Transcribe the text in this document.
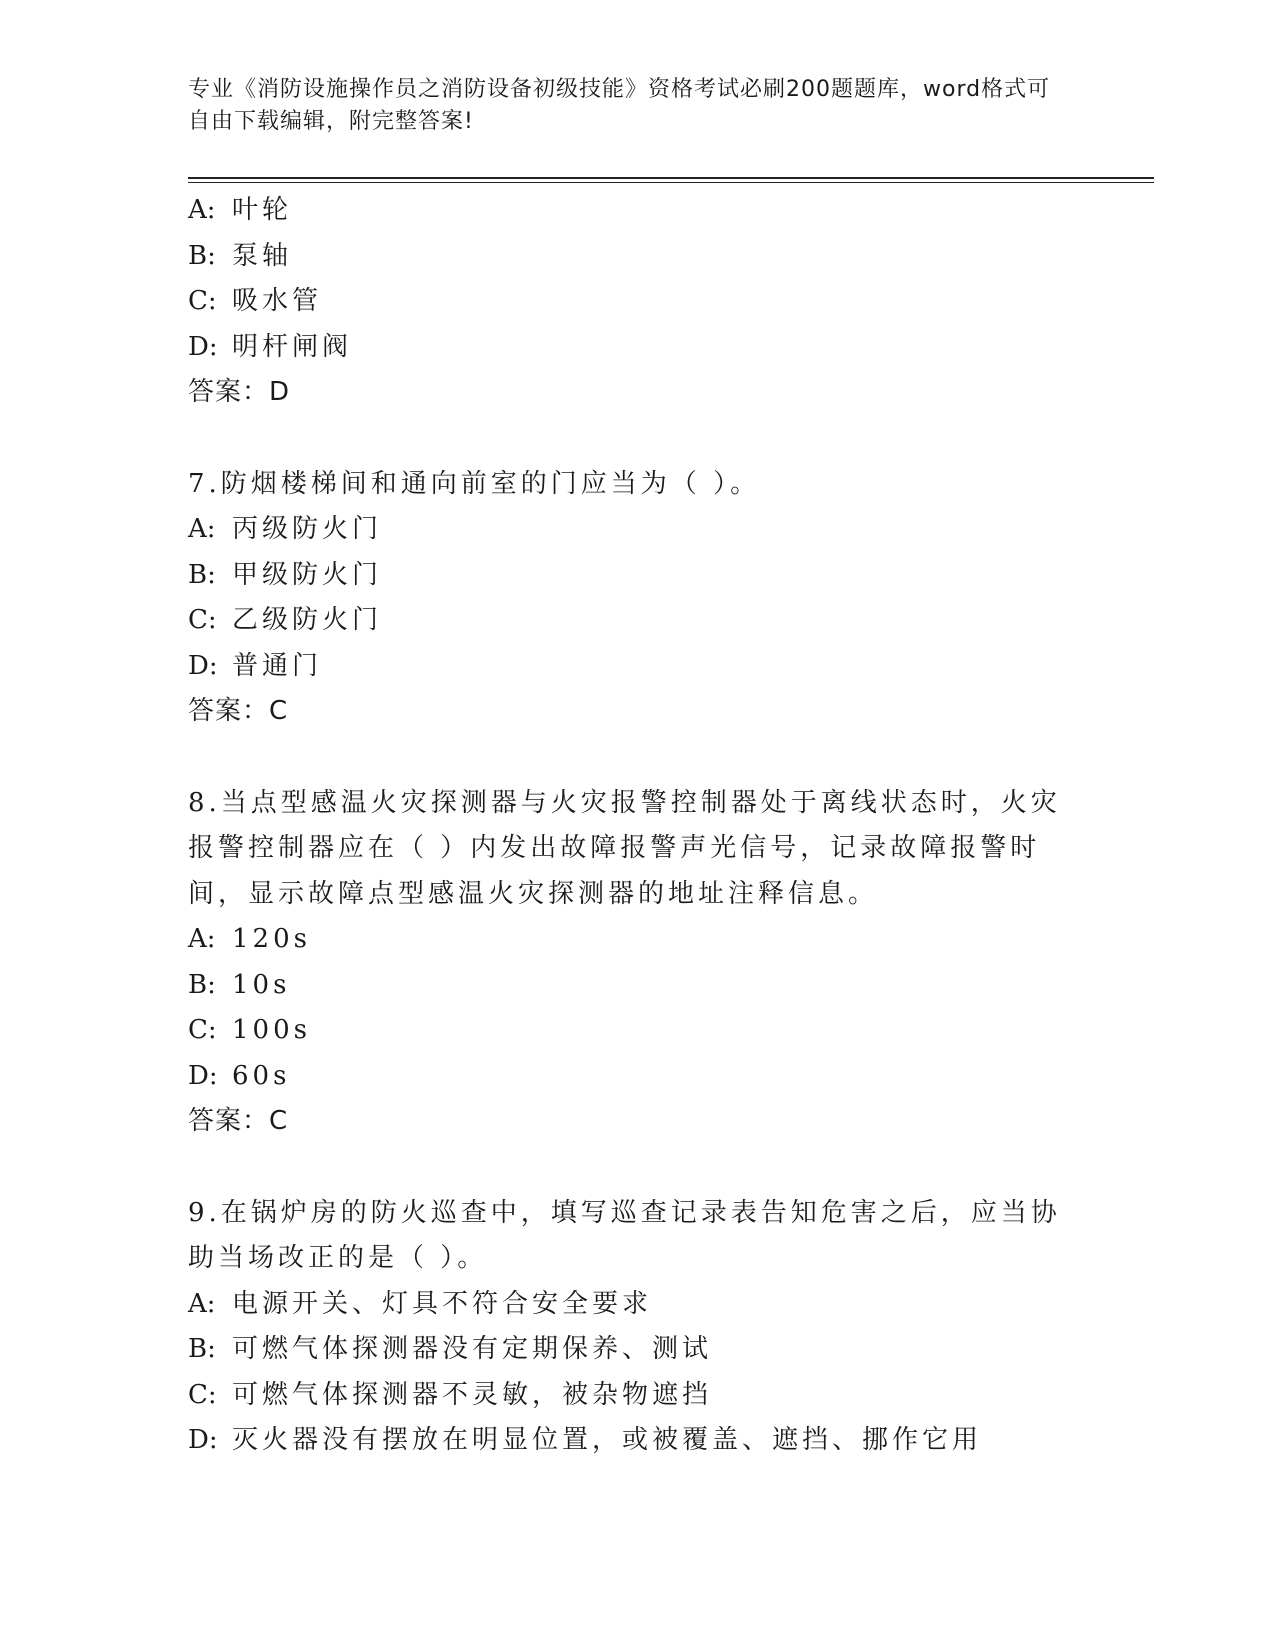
专业《消防设施操作员之消防设备初级技能》资格考试必刷200题题库，word格式可自由下载编辑，附完整答案!
A: 叶轮
B: 泵轴
C: 吸水管
D: 明杆闸阀
答案：D
7.防烟楼梯间和通向前室的门应当为（ ）。
A: 丙级防火门
B: 甲级防火门
C: 乙级防火门
D: 普通门
答案：C
8.当点型感温火灾探测器与火灾报警控制器处于离线状态时，火灾报警控制器应在（ ）内发出故障报警声光信号，记录故障报警时间，显示故障点型感温火灾探测器的地址注释信息。
A: 120s
B: 10s
C: 100s
D: 60s
答案：C
9.在锅炉房的防火巡查中，填写巡查记录表告知危害之后，应当协助当场改正的是（ ）。
A: 电源开关、灯具不符合安全要求
B: 可燃气体探测器没有定期保养、测试
C: 可燃气体探测器不灵敏，被杂物遮挡
D: 灭火器没有摆放在明显位置，或被覆盖、遮挡、挪作它用
